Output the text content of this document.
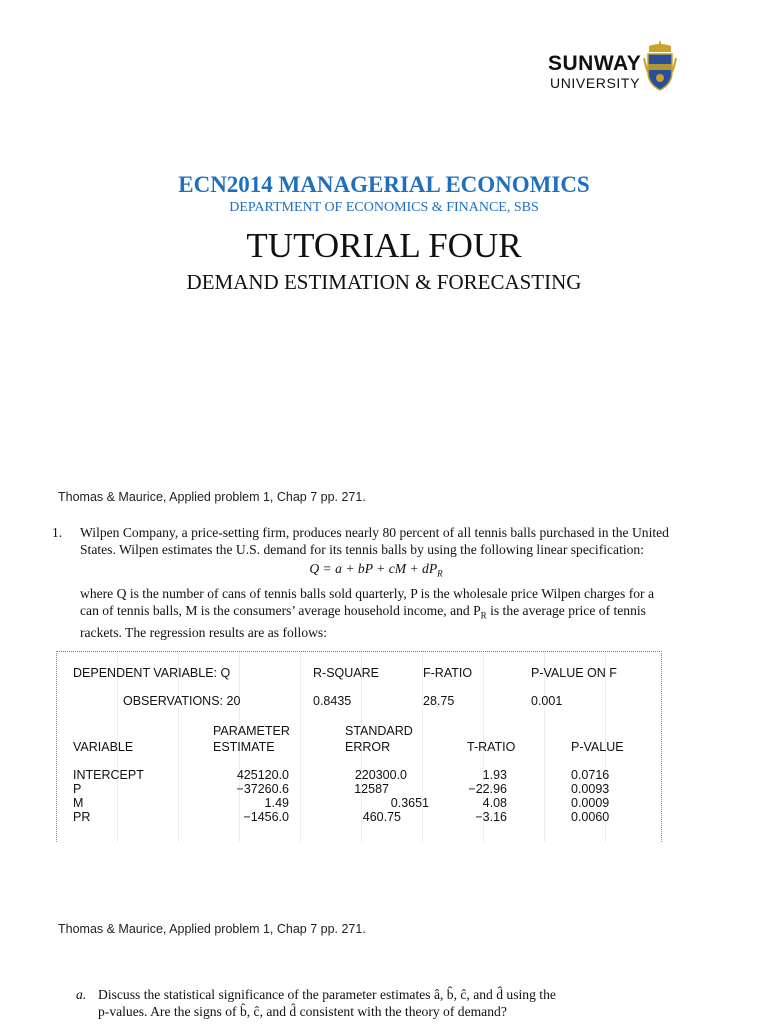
SUNWAY
UNIVERSITY
ECN2014 MANAGERIAL ECONOMICS
DEPARTMENT OF ECONOMICS & FINANCE, SBS
TUTORIAL FOUR
DEMAND ESTIMATION & FORECASTING
Thomas & Maurice, Applied problem 1, Chap 7 pp. 271.
1. Wilpen Company, a price-setting firm, produces nearly 80 percent of all tennis balls purchased in the United States. Wilpen estimates the U.S. demand for its tennis balls by using the following linear specification:
Q = a + bP + cM + $dP_R$
where Q is the number of cans of tennis balls sold quarterly, P is the wholesale price Wilpen charges for a can of tennis balls, M is the consumers’ average household income, and $P_R$ is the average price of tennis rackets. The regression results are as follows:
DEPENDENT VARIABLE: Q	R-SQUARE	F-RATIO	P-VALUE ON F
OBSERVATIONS: 20	0.8435	28.75	0.001
PARAMETER	STANDARD
VARIABLE	ESTIMATE	ERROR	T-RATIO	P-VALUE
INTERCEPT	425120.0	220300.0	1.93	0.0716
P	−37260.6	12587	−22.96	0.0093
M	1.49	0.3651	4.08	0.0009
PR	−1456.0	460.75	−3.16	0.0060
Thomas & Maurice, Applied problem 1, Chap 7 pp. 271.
a. Discuss the statistical significance of the parameter estimates â, b̂, ĉ, and d̂ using the
p-values. Are the signs of b̂, ĉ, and d̂ consistent with the theory of demand?
